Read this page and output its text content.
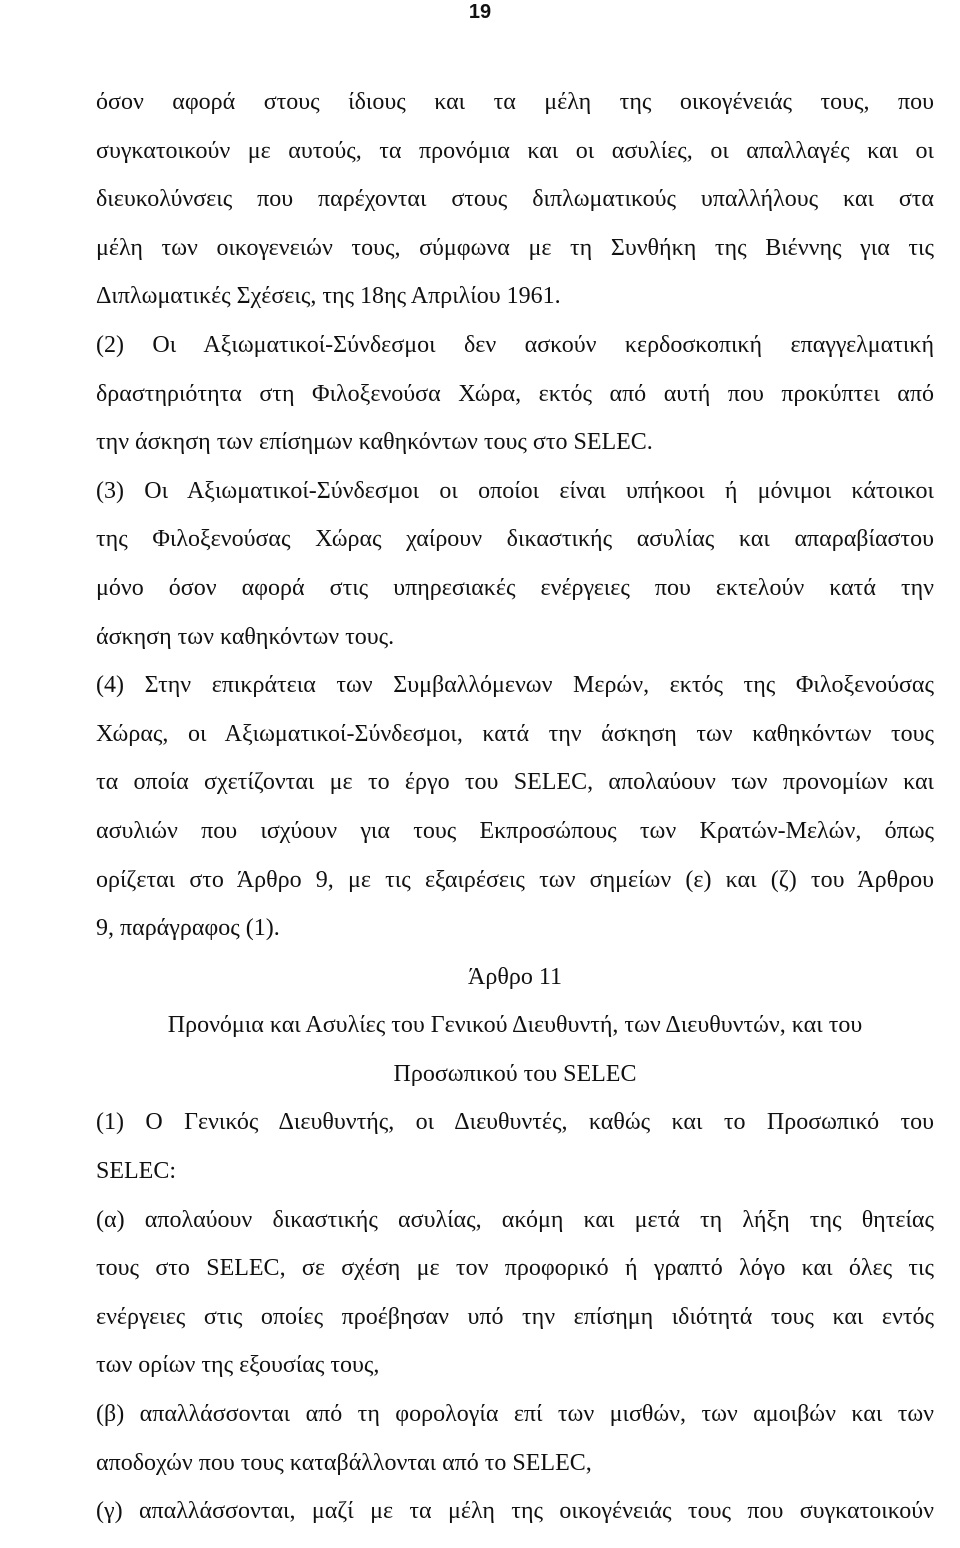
19
όσον αφορά στους ίδιους και τα μέλη της οικογένειάς τους, που
συγκατοικούν με αυτούς, τα προνόμια και οι ασυλίες, οι απαλλαγές και οι
διευκολύνσεις που παρέχονται στους διπλωματικούς υπαλλήλους και στα
μέλη των οικογενειών τους, σύμφωνα με τη Συνθήκη της Βιέννης για τις
Διπλωματικές Σχέσεις, της 18ης Απριλίου 1961.
(2) Οι Αξιωματικοί-Σύνδεσμοι δεν ασκούν κερδοσκοπική επαγγελματική
δραστηριότητα στη Φιλοξενούσα Χώρα, εκτός από αυτή που προκύπτει από
την άσκηση των επίσημων καθηκόντων τους στο SELEC.
(3) Οι Αξιωματικοί-Σύνδεσμοι οι οποίοι είναι υπήκοοι ή μόνιμοι κάτοικοι
της Φιλοξενούσας Χώρας χαίρουν δικαστικής ασυλίας και απαραβίαστου
μόνο όσον αφορά στις υπηρεσιακές ενέργειες που εκτελούν κατά την
άσκηση των καθηκόντων τους.
(4) Στην επικράτεια των Συμβαλλόμενων Μερών, εκτός της Φιλοξενούσας
Χώρας, οι Αξιωματικοί-Σύνδεσμοι, κατά την άσκηση των καθηκόντων τους
τα οποία σχετίζονται με το έργο του SELEC, απολαύουν των προνομίων και
ασυλιών που ισχύουν για τους Εκπροσώπους των Κρατών-Μελών, όπως
ορίζεται στο Άρθρο 9, με τις εξαιρέσεις των σημείων (ε) και (ζ) του Άρθρου
9, παράγραφος (1).
Άρθρο 11
Προνόμια και Ασυλίες του Γενικού Διευθυντή, των Διευθυντών, και του
Προσωπικού του SELEC
(1) Ο Γενικός Διευθυντής, οι Διευθυντές, καθώς και το Προσωπικό του
SELEC:
(α) απολαύουν δικαστικής ασυλίας, ακόμη και μετά τη λήξη της θητείας
τους στο SELEC, σε σχέση με τον προφορικό ή γραπτό λόγο και όλες τις
ενέργειες στις οποίες προέβησαν υπό την επίσημη ιδιότητά τους και εντός
των ορίων της εξουσίας τους,
(β) απαλλάσσονται από τη φορολογία επί των μισθών, των αμοιβών και των
αποδοχών που τους καταβάλλονται από το SELEC,
(γ) απαλλάσσονται, μαζί με τα μέλη της οικογένειάς τους που συγκατοικούν
